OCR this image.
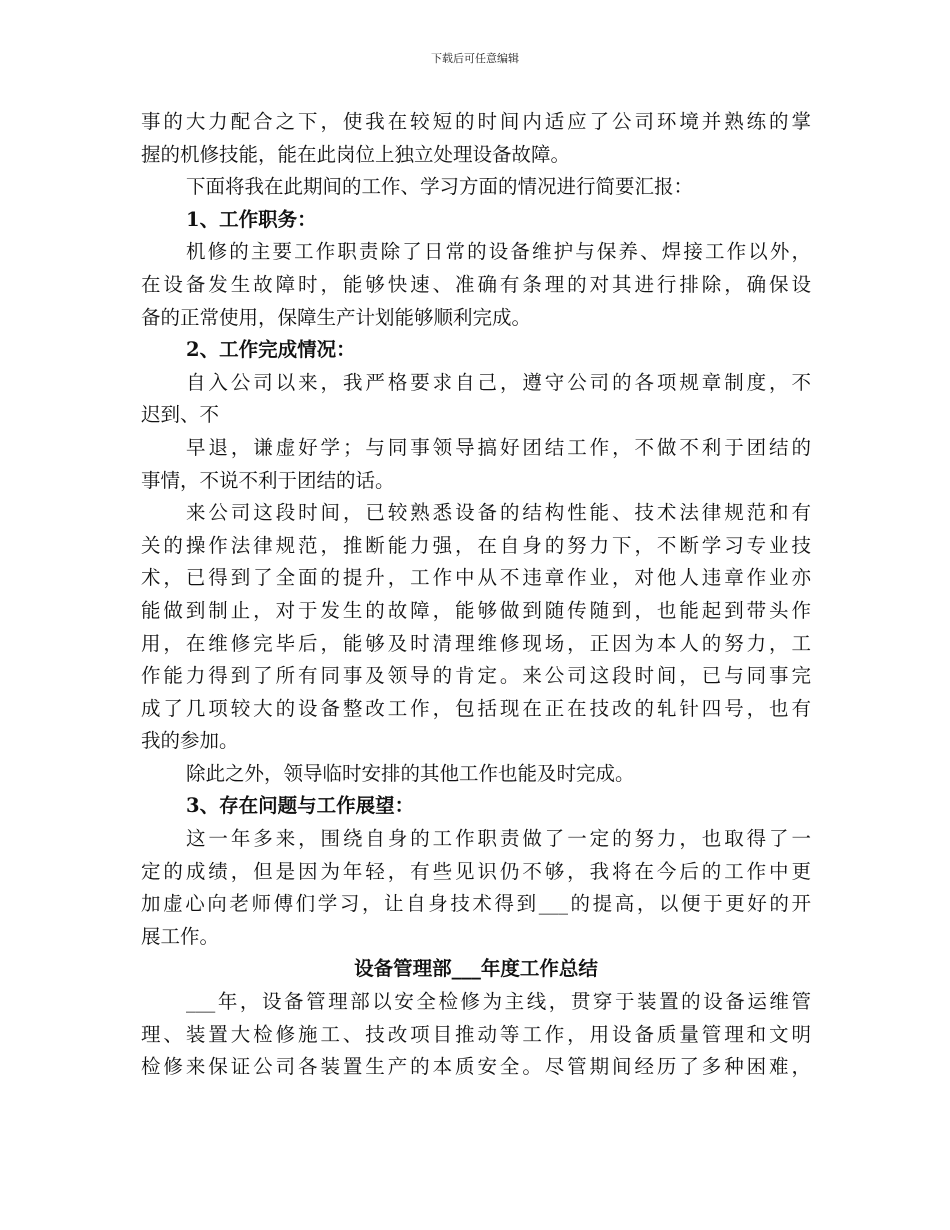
下载后可任意编辑
事的大力配合之下，使我在较短的时间内适应了公司环境并熟练的掌
握的机修技能，能在此岗位上独立处理设备故障。
下面将我在此期间的工作、学习方面的情况进行简要汇报：
1、工作职务：
机修的主要工作职责除了日常的设备维护与保养、焊接工作以外，
在设备发生故障时，能够快速、准确有条理的对其进行排除，确保设
备的正常使用，保障生产计划能够顺利完成。
2、工作完成情况：
自入公司以来，我严格要求自己，遵守公司的各项规章制度，不
迟到、不
早退，谦虚好学；与同事领导搞好团结工作，不做不利于团结的
事情，不说不利于团结的话。
来公司这段时间，已较熟悉设备的结构性能、技术法律规范和有
关的操作法律规范，推断能力强，在自身的努力下，不断学习专业技
术，已得到了全面的提升，工作中从不违章作业，对他人违章作业亦
能做到制止，对于发生的故障，能够做到随传随到，也能起到带头作
用，在维修完毕后，能够及时清理维修现场，正因为本人的努力，工
作能力得到了所有同事及领导的肯定。来公司这段时间，已与同事完
成了几项较大的设备整改工作，包括现在正在技改的轧针四号，也有
我的参加。
除此之外，领导临时安排的其他工作也能及时完成。
3、存在问题与工作展望：
这一年多来，围绕自身的工作职责做了一定的努力，也取得了一
定的成绩，但是因为年轻，有些见识仍不够，我将在今后的工作中更
加虚心向老师傅们学习，让自身技术得到___的提高，以便于更好的开
展工作。
设备管理部___年度工作总结
___年，设备管理部以安全检修为主线，贯穿于装置的设备运维管
理、装置大检修施工、技改项目推动等工作，用设备质量管理和文明
检修来保证公司各装置生产的本质安全。尽管期间经历了多种困难，
